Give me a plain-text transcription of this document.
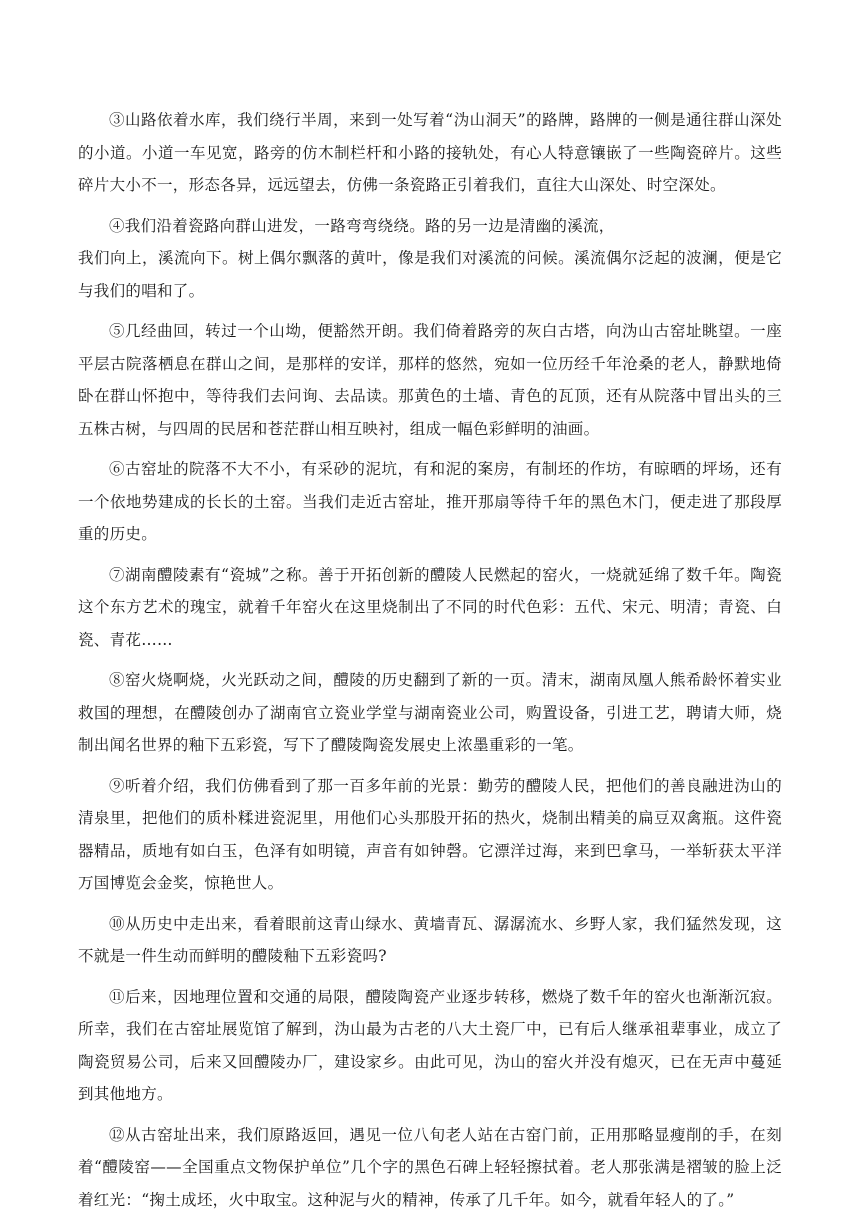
③山路依着水库，我们绕行半周，来到一处写着“沩山洞天”的路牌，路牌的一侧是通往群山深处的小道。小道一车见宽，路旁的仿木制栏杆和小路的接轨处，有心人特意镶嵌了一些陶瓷碎片。这些碎片大小不一，形态各异，远远望去，仿佛一条瓷路正引着我们，直往大山深处、时空深处。

④我们沿着瓷路向群山进发，一路弯弯绕绕。路的另一边是清幽的溪流，

我们向上，溪流向下。树上偶尔飘落的黄叶，像是我们对溪流的问候。溪流偶尔泛起的波澜，便是它与我们的唱和了。

⑤几经曲回，转过一个山坳，便豁然开朗。我们倚着路旁的灰白古塔，向沩山古窑址眺望。一座平层古院落栖息在群山之间，是那样的安详，那样的悠然，宛如一位历经千年沧桑的老人，静默地倚卧在群山怀抱中，等待我们去问询、去品读。那黄色的土墙、青色的瓦顶，还有从院落中冒出头的三五株古树，与四周的民居和苍茫群山相互映衬，组成一幅色彩鲜明的油画。

⑥古窑址的院落不大不小，有采砂的泥坑，有和泥的案房，有制坯的作坊，有晾晒的坪场，还有一个依地势建成的长长的土窑。当我们走近古窑址，推开那扇等待千年的黑色木门，便走进了那段厚重的历史。

⑦湖南醴陵素有“瓷城”之称。善于开拓创新的醴陵人民燃起的窑火，一烧就延绵了数千年。陶瓷这个东方艺术的瑰宝，就着千年窑火在这里烧制出了不同的时代色彩：五代、宋元、明清；青瓷、白瓷、青花……

⑧窑火烧啊烧，火光跃动之间，醴陵的历史翻到了新的一页。清末，湖南凤凰人熊希龄怀着实业救国的理想，在醴陵创办了湖南官立瓷业学堂与湖南瓷业公司，购置设备，引进工艺，聘请大师，烧制出闻名世界的釉下五彩瓷，写下了醴陵陶瓷发展史上浓墨重彩的一笔。

⑨听着介绍，我们仿佛看到了那一百多年前的光景：勤劳的醴陵人民，把他们的善良融进沩山的清泉里，把他们的质朴糅进瓷泥里，用他们心头那股开拓的热火，烧制出精美的扁豆双禽瓶。这件瓷器精品，质地有如白玉，色泽有如明镜，声音有如钟磬。它漂洋过海，来到巴拿马，一举斩获太平洋万国博览会金奖，惊艳世人。

⑩从历史中走出来，看着眼前这青山绿水、黄墙青瓦、潺潺流水、乡野人家，我们猛然发现，这不就是一件生动而鲜明的醴陵釉下五彩瓷吗?

⑪后来，因地理位置和交通的局限，醴陵陶瓷产业逐步转移，燃烧了数千年的窑火也渐渐沉寂。所幸，我们在古窑址展览馆了解到，沩山最为古老的八大土瓷厂中，已有后人继承祖辈事业，成立了陶瓷贸易公司，后来又回醴陵办厂，建设家乡。由此可见，沩山的窑火并没有熄灭，已在无声中蔓延到其他地方。

⑫从古窑址出来，我们原路返回，遇见一位八旬老人站在古窑门前，正用那略显瘦削的手，在刻着“醴陵窑——全国重点文物保护单位”几个字的黑色石碑上轻轻擦拭着。老人那张满是褶皱的脸上泛着红光：“掬土成坯，火中取宝。这种泥与火的精神，传承了几千年。如今，就看年轻人的了。”
